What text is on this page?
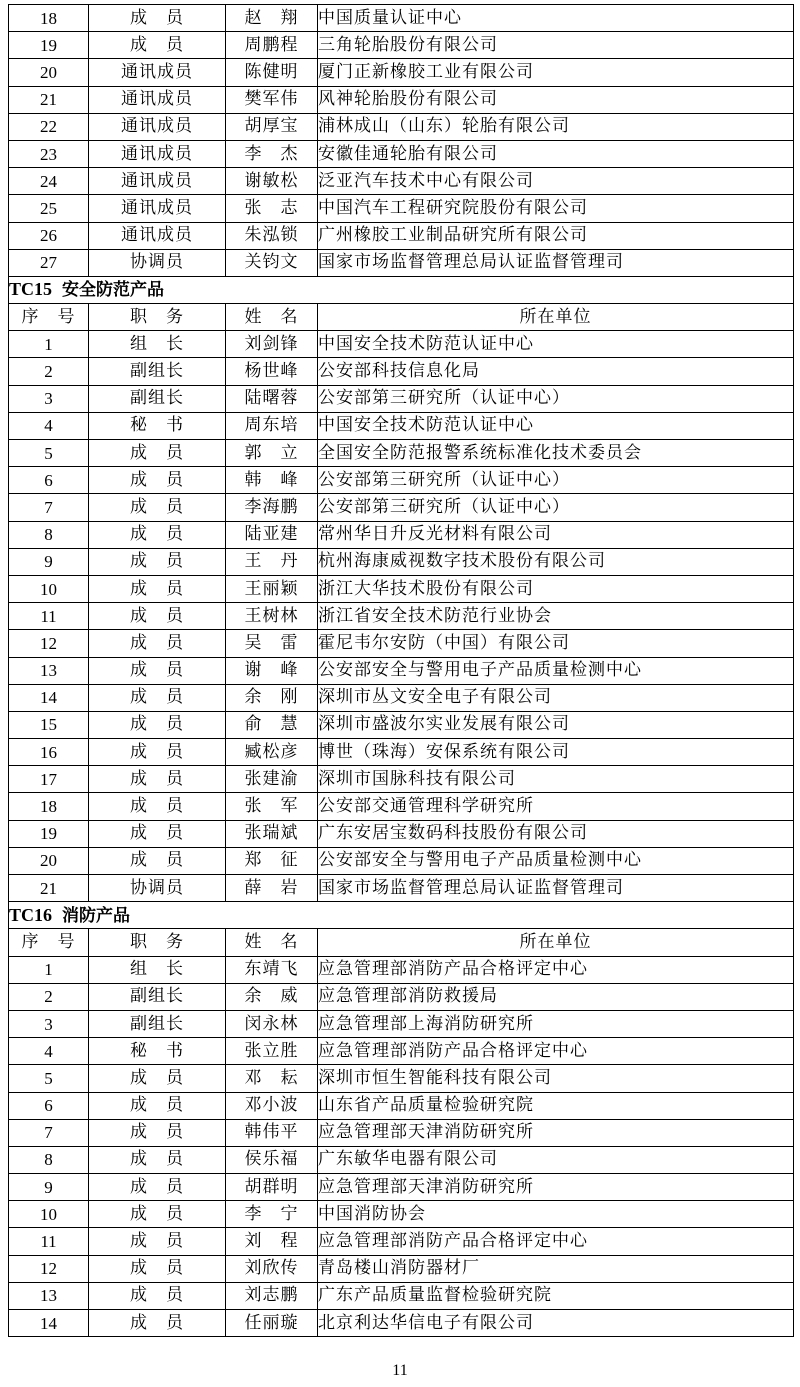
18	成　员	赵　翔	中国质量认证中心
19	成　员	周鹏程	三角轮胎股份有限公司
20	通讯成员	陈健明	厦门正新橡胶工业有限公司
21	通讯成员	樊军伟	风神轮胎股份有限公司
22	通讯成员	胡厚宝	浦林成山（山东）轮胎有限公司
23	通讯成员	李　杰	安徽佳通轮胎有限公司
24	通讯成员	谢敏松	泛亚汽车技术中心有限公司
25	通讯成员	张　志	中国汽车工程研究院股份有限公司
26	通讯成员	朱泓锁	广州橡胶工业制品研究所有限公司
27	协调员	关钧文	国家市场监督管理总局认证监督管理司
TC15 安全防范产品			
序　号	职　务	姓　名	所在单位
1	组　长	刘剑锋	中国安全技术防范认证中心
2	副组长	杨世峰	公安部科技信息化局
3	副组长	陆曙蓉	公安部第三研究所（认证中心）
4	秘　书	周东培	中国安全技术防范认证中心
5	成　员	郭　立	全国安全防范报警系统标准化技术委员会
6	成　员	韩　峰	公安部第三研究所（认证中心）
7	成　员	李海鹏	公安部第三研究所（认证中心）
8	成　员	陆亚建	常州华日升反光材料有限公司
9	成　员	王　丹	杭州海康威视数字技术股份有限公司
10	成　员	王丽颖	浙江大华技术股份有限公司
11	成　员	王树林	浙江省安全技术防范行业协会
12	成　员	吴　雷	霍尼韦尔安防（中国）有限公司
13	成　员	谢　峰	公安部安全与警用电子产品质量检测中心
14	成　员	余　刚	深圳市丛文安全电子有限公司
15	成　员	俞　慧	深圳市盛波尔实业发展有限公司
16	成　员	臧松彦	博世（珠海）安保系统有限公司
17	成　员	张建渝	深圳市国脉科技有限公司
18	成　员	张　军	公安部交通管理科学研究所
19	成　员	张瑞斌	广东安居宝数码科技股份有限公司
20	成　员	郑　征	公安部安全与警用电子产品质量检测中心
21	协调员	薛　岩	国家市场监督管理总局认证监督管理司
TC16 消防产品			
序　号	职　务	姓　名	所在单位
1	组　长	东靖飞	应急管理部消防产品合格评定中心
2	副组长	余　威	应急管理部消防救援局
3	副组长	闵永林	应急管理部上海消防研究所
4	秘　书	张立胜	应急管理部消防产品合格评定中心
5	成　员	邓　耘	深圳市恒生智能科技有限公司
6	成　员	邓小波	山东省产品质量检验研究院
7	成　员	韩伟平	应急管理部天津消防研究所
8	成　员	侯乐福	广东敏华电器有限公司
9	成　员	胡群明	应急管理部天津消防研究所
10	成　员	李　宁	中国消防协会
11	成　员	刘　程	应急管理部消防产品合格评定中心
12	成　员	刘欣传	青岛楼山消防器材厂
13	成　员	刘志鹏	广东产品质量监督检验研究院
14	成　员	任丽璇	北京利达华信电子有限公司
11
